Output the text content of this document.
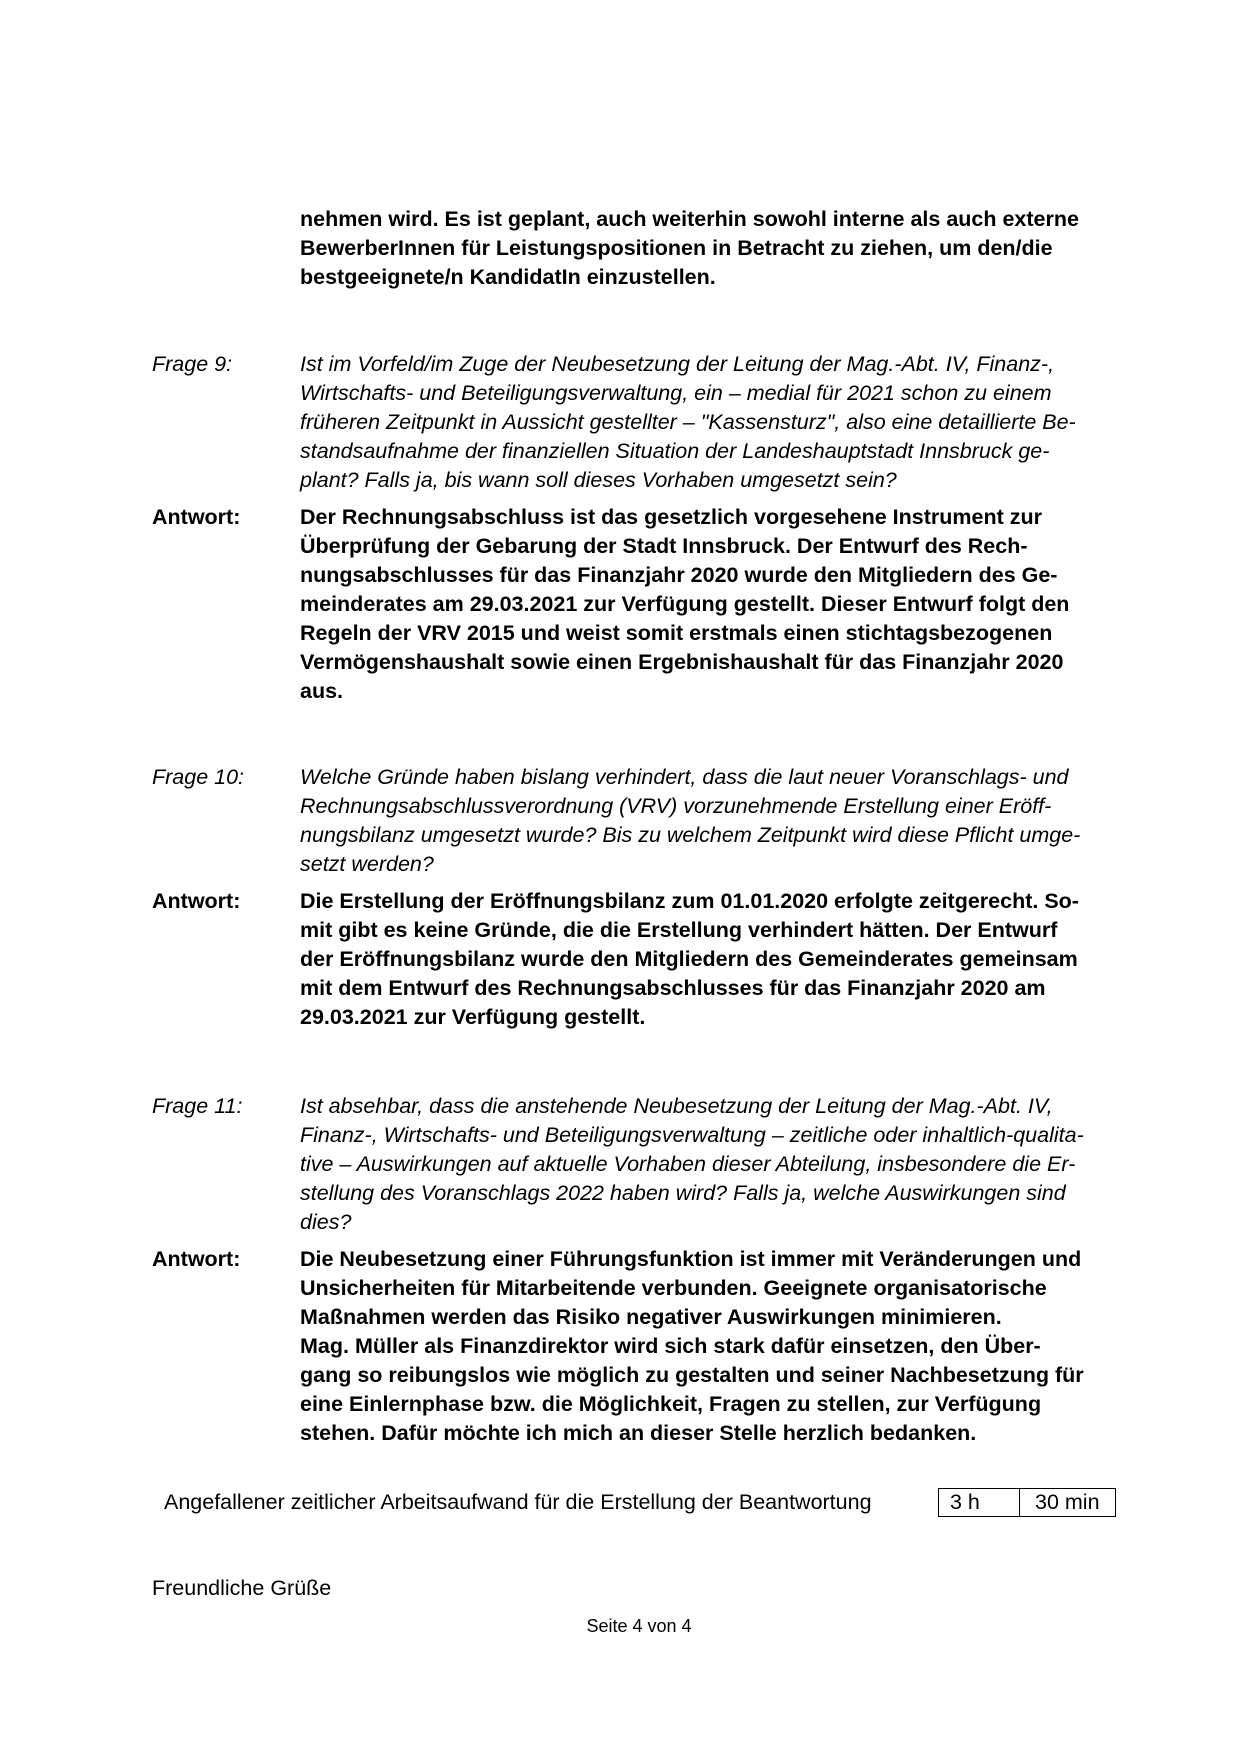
nehmen wird. Es ist geplant, auch weiterhin sowohl interne als auch externe
BewerberInnen für Leistungspositionen in Betracht zu ziehen, um den/die
bestgeeignete/n KandidatIn einzustellen.
Frage 9:	Ist im Vorfeld/im Zuge der Neubesetzung der Leitung der Mag.-Abt. IV, Finanz-,
Wirtschafts- und Beteiligungsverwaltung, ein – medial für 2021 schon zu einem
früheren Zeitpunkt in Aussicht gestellter – "Kassensturz", also eine detaillierte Be-
standsaufnahme der finanziellen Situation der Landeshauptstadt Innsbruck ge-
plant? Falls ja, bis wann soll dieses Vorhaben umgesetzt sein?
Antwort:	Der Rechnungsabschluss ist das gesetzlich vorgesehene Instrument zur
Überprüfung der Gebarung der Stadt Innsbruck. Der Entwurf des Rech-
nungsabschlusses für das Finanzjahr 2020 wurde den Mitgliedern des Ge-
meinderates am 29.03.2021 zur Verfügung gestellt. Dieser Entwurf folgt den
Regeln der VRV 2015 und weist somit erstmals einen stichtagsbezogenen
Vermögenshaushalt sowie einen Ergebnishaushalt für das Finanzjahr 2020
aus.
Frage 10:	Welche Gründe haben bislang verhindert, dass die laut neuer Voranschlags- und
Rechnungsabschlussverordnung (VRV) vorzunehmende Erstellung einer Eröff-
nungsbilanz umgesetzt wurde? Bis zu welchem Zeitpunkt wird diese Pflicht umge-
setzt werden?
Antwort:	Die Erstellung der Eröffnungsbilanz zum 01.01.2020 erfolgte zeitgerecht. So-
mit gibt es keine Gründe, die die Erstellung verhindert hätten. Der Entwurf
der Eröffnungsbilanz wurde den Mitgliedern des Gemeinderates gemeinsam
mit dem Entwurf des Rechnungsabschlusses für das Finanzjahr 2020 am
29.03.2021 zur Verfügung gestellt.
Frage 11:	Ist absehbar, dass die anstehende Neubesetzung der Leitung der Mag.-Abt. IV,
Finanz-, Wirtschafts- und Beteiligungsverwaltung – zeitliche oder inhaltlich-qualita-
tive – Auswirkungen auf aktuelle Vorhaben dieser Abteilung, insbesondere die Er-
stellung des Voranschlags 2022 haben wird? Falls ja, welche Auswirkungen sind
dies?
Antwort:	Die Neubesetzung einer Führungsfunktion ist immer mit Veränderungen und
Unsicherheiten für Mitarbeitende verbunden. Geeignete organisatorische
Maßnahmen werden das Risiko negativer Auswirkungen minimieren.
Mag. Müller als Finanzdirektor wird sich stark dafür einsetzen, den Über-
gang so reibungslos wie möglich zu gestalten und seiner Nachbesetzung für
eine Einlernphase bzw. die Möglichkeit, Fragen zu stellen, zur Verfügung
stehen. Dafür möchte ich mich an dieser Stelle herzlich bedanken.
Angefallener zeitlicher Arbeitsaufwand für die Erstellung der Beantwortung	3 h	30 min
Freundliche Grüße
Seite 4 von 4
